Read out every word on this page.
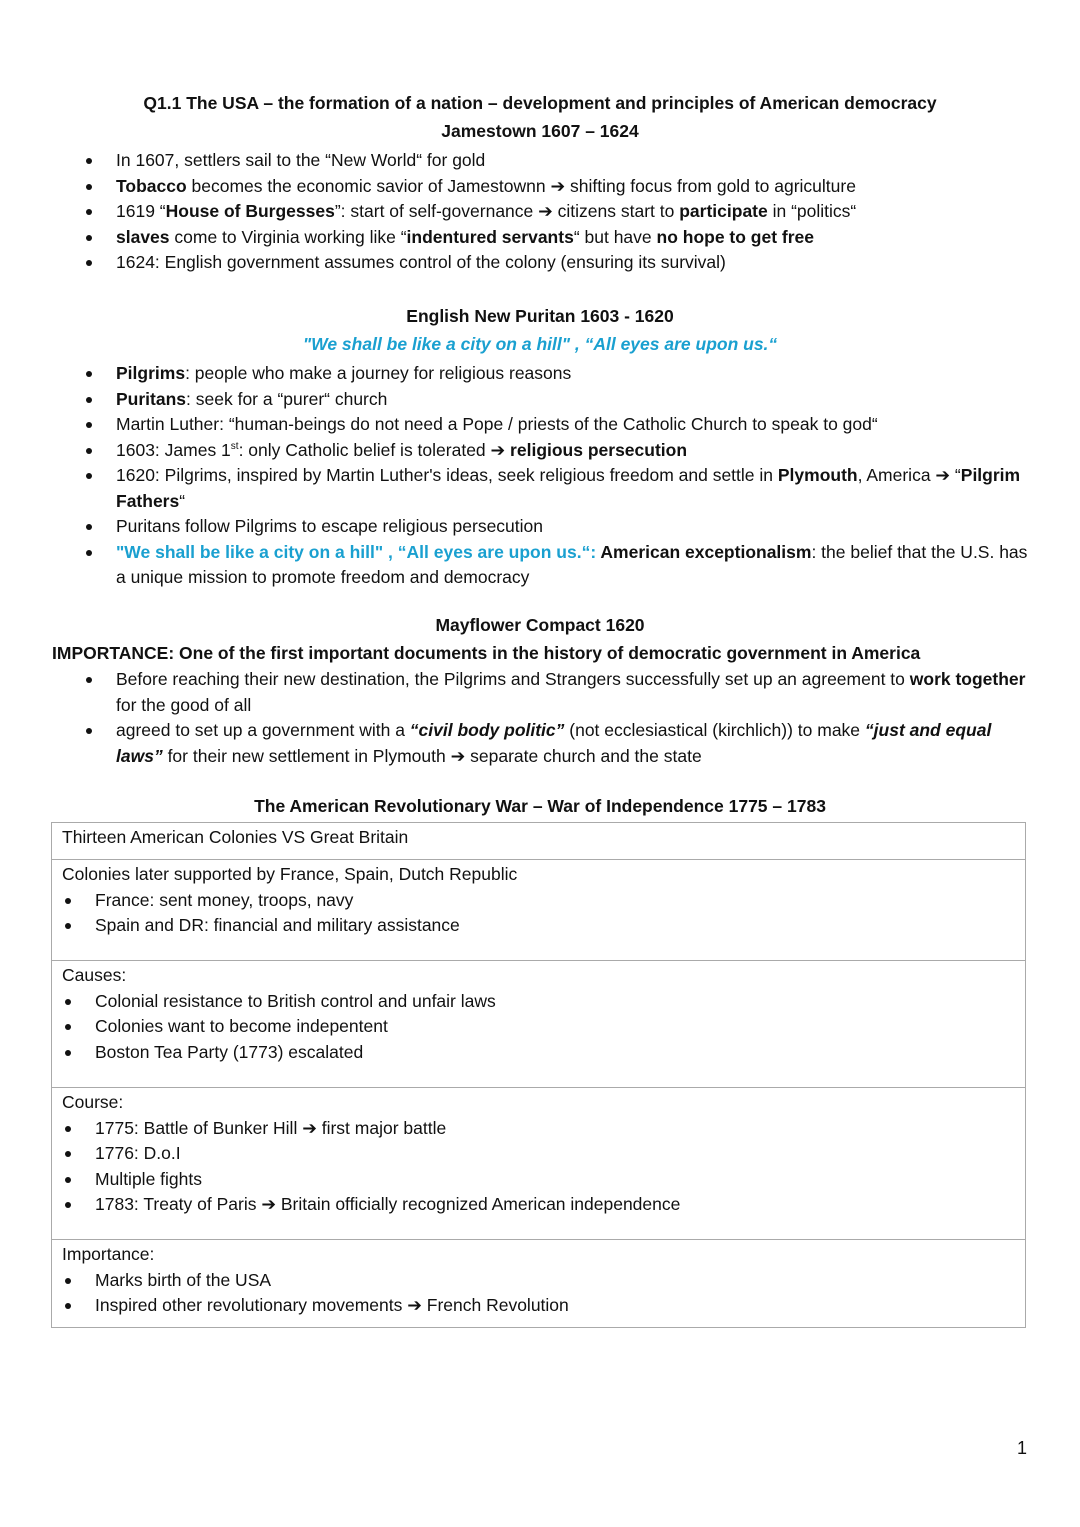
Q1.1 The USA – the formation of a nation – development and principles of American democracy
Jamestown 1607 – 1624
In 1607, settlers sail to the “New World“ for gold
Tobacco becomes the economic savior of Jamestownn ➔ shifting focus from gold to agriculture
1619 “House of Burgesses”: start of self-governance ➔ citizens start to participate in “politics“
slaves come to Virginia working like “indentured servants“ but have no hope to get free
1624: English government assumes control of the colony (ensuring its survival)
English New Puritan 1603 - 1620
"We shall be like a city on a hill" , “All eyes are upon us.“
Pilgrims: people who make a journey for religious reasons
Puritans: seek for a “purer“ church
Martin Luther: “human-beings do not need a Pope / priests of the Catholic Church to speak to god“
1603: James 1st: only Catholic belief is tolerated ➔ religious persecution
1620: Pilgrims, inspired by Martin Luther's ideas, seek religious freedom and settle in Plymouth, America ➔ “Pilgrim Fathers“
Puritans follow Pilgrims to escape religious persecution
"We shall be like a city on a hill" , “All eyes are upon us.“: American exceptionalism: the belief that the U.S. has a unique mission to promote freedom and democracy
Mayflower Compact 1620
IMPORTANCE: One of the first important documents in the history of democratic government in America
Before reaching their new destination, the Pilgrims and Strangers successfully set up an agreement to work together for the good of all
agreed to set up a government with a “civil body politic” (not ecclesiastical (kirchlich)) to make “just and equal laws” for their new settlement in Plymouth ➔ separate church and the state
The American Revolutionary War – War of Independence 1775 – 1783
Thirteen American Colonies VS Great Britain

Colonies later supported by France, Spain, Dutch Republic
France: sent money, troops, navy
Spain and DR: financial and military assistance

Causes:
Colonial resistance to British control and unfair laws
Colonies want to become indepentent
Boston Tea Party (1773) escalated

Course:
1775: Battle of Bunker Hill ➔ first major battle
1776: D.o.I
Multiple fights
1783: Treaty of Paris ➔ Britain officially recognized American independence

Importance:
Marks birth of the USA
Inspired other revolutionary movements ➔ French Revolution
1
